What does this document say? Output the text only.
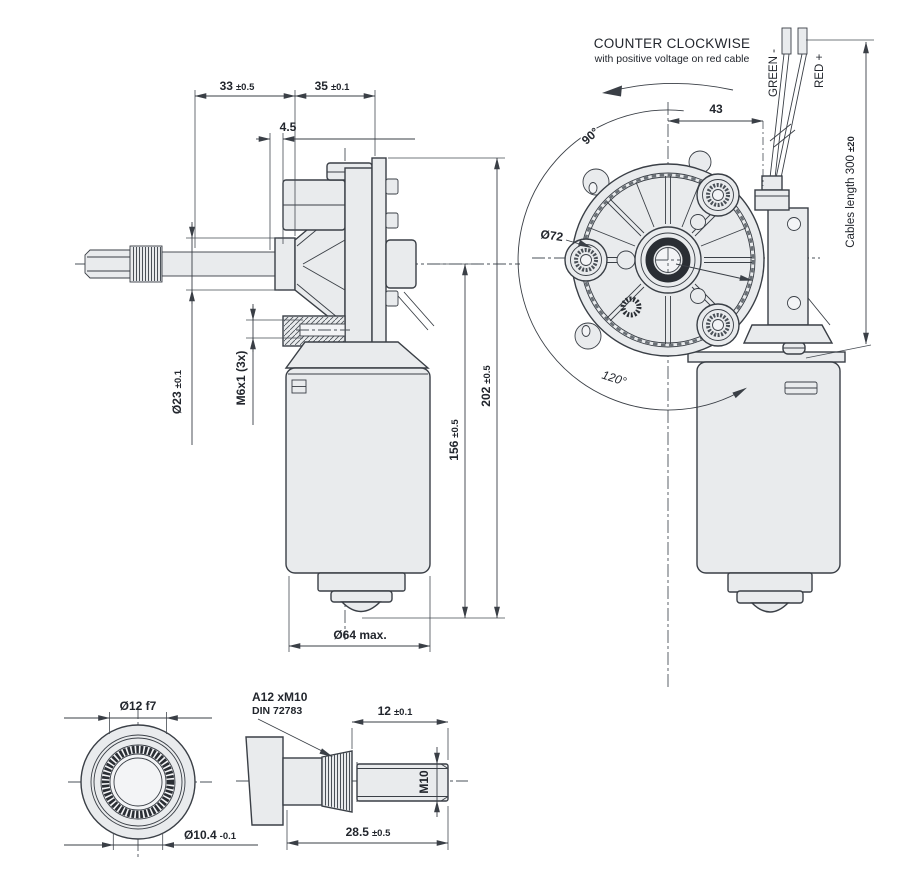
33 ±0.5	35 ±0.1
4.5
Ø23±0.1	M6x1 (3x)
156±0.5
202±0.5
Ø64 max.
COUNTER CLOCKWISE
with positive voltage on red cable GREEN -	RED +
90°
120°
Ø72
43
Cables length 300±20
Ø12 f7
Ø10.4 -0.1
A12 xM10
DIN 72783	12 ±0.1
M10
28.5 ±0.5
